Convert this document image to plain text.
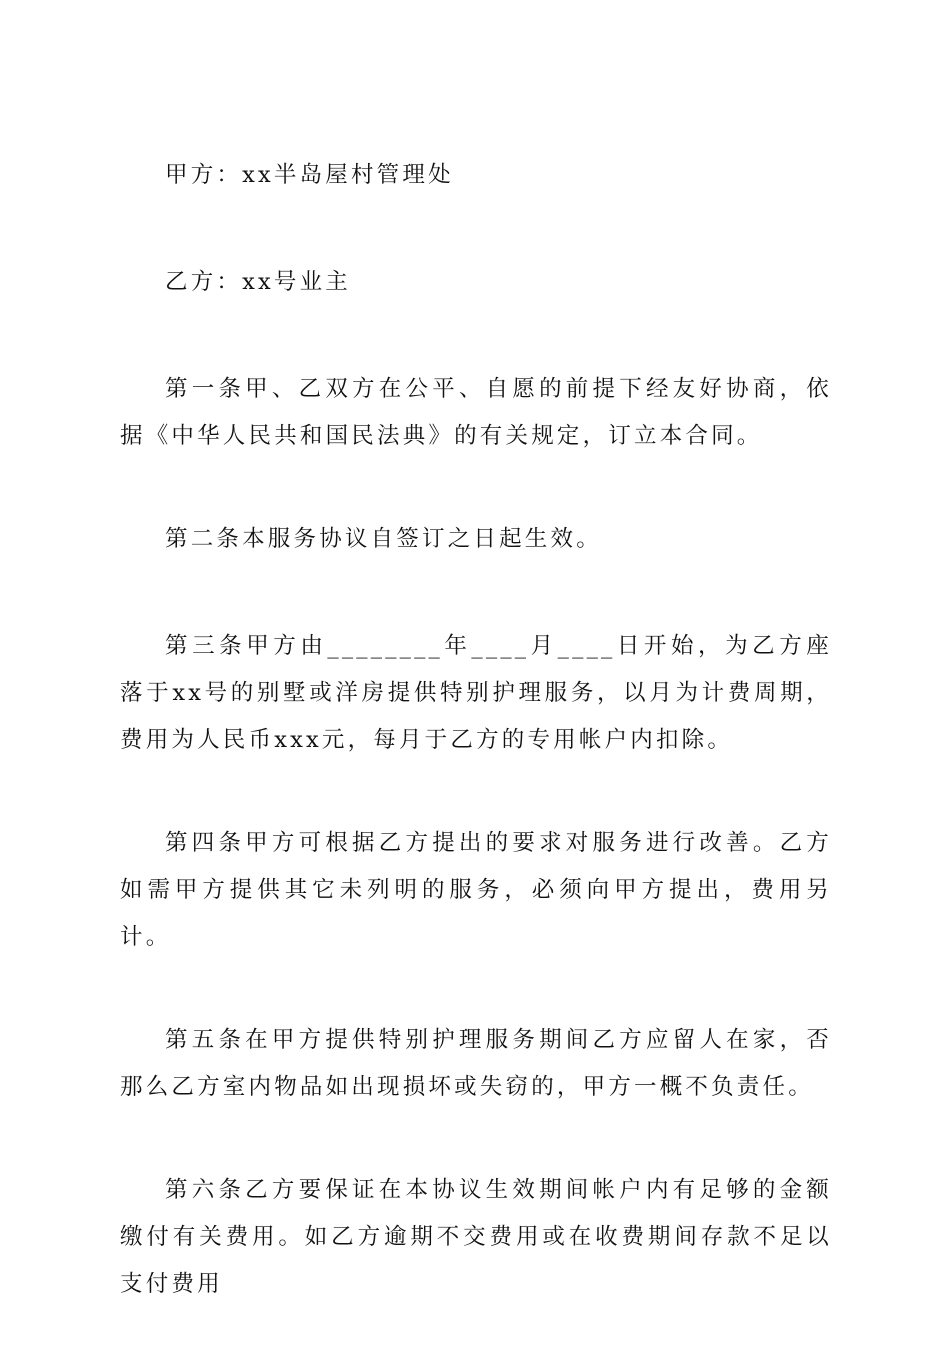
甲方：xx半岛屋村管理处

乙方：xx号业主

第一条甲、乙双方在公平、自愿的前提下经友好协商，依据《中华人民共和国民法典》的有关规定，订立本合同。

第二条本服务协议自签订之日起生效。

第三条甲方由________年____月____日开始，为乙方座落于xx号的别墅或洋房提供特别护理服务，以月为计费周期，费用为人民币xxx元，每月于乙方的专用帐户内扣除。

第四条甲方可根据乙方提出的要求对服务进行改善。乙方如需甲方提供其它未列明的服务，必须向甲方提出，费用另计。

第五条在甲方提供特别护理服务期间乙方应留人在家，否那么乙方室内物品如出现损坏或失窃的，甲方一概不负责任。

第六条乙方要保证在本协议生效期间帐户内有足够的金额缴付有关费用。如乙方逾期不交费用或在收费期间存款不足以支付费用
